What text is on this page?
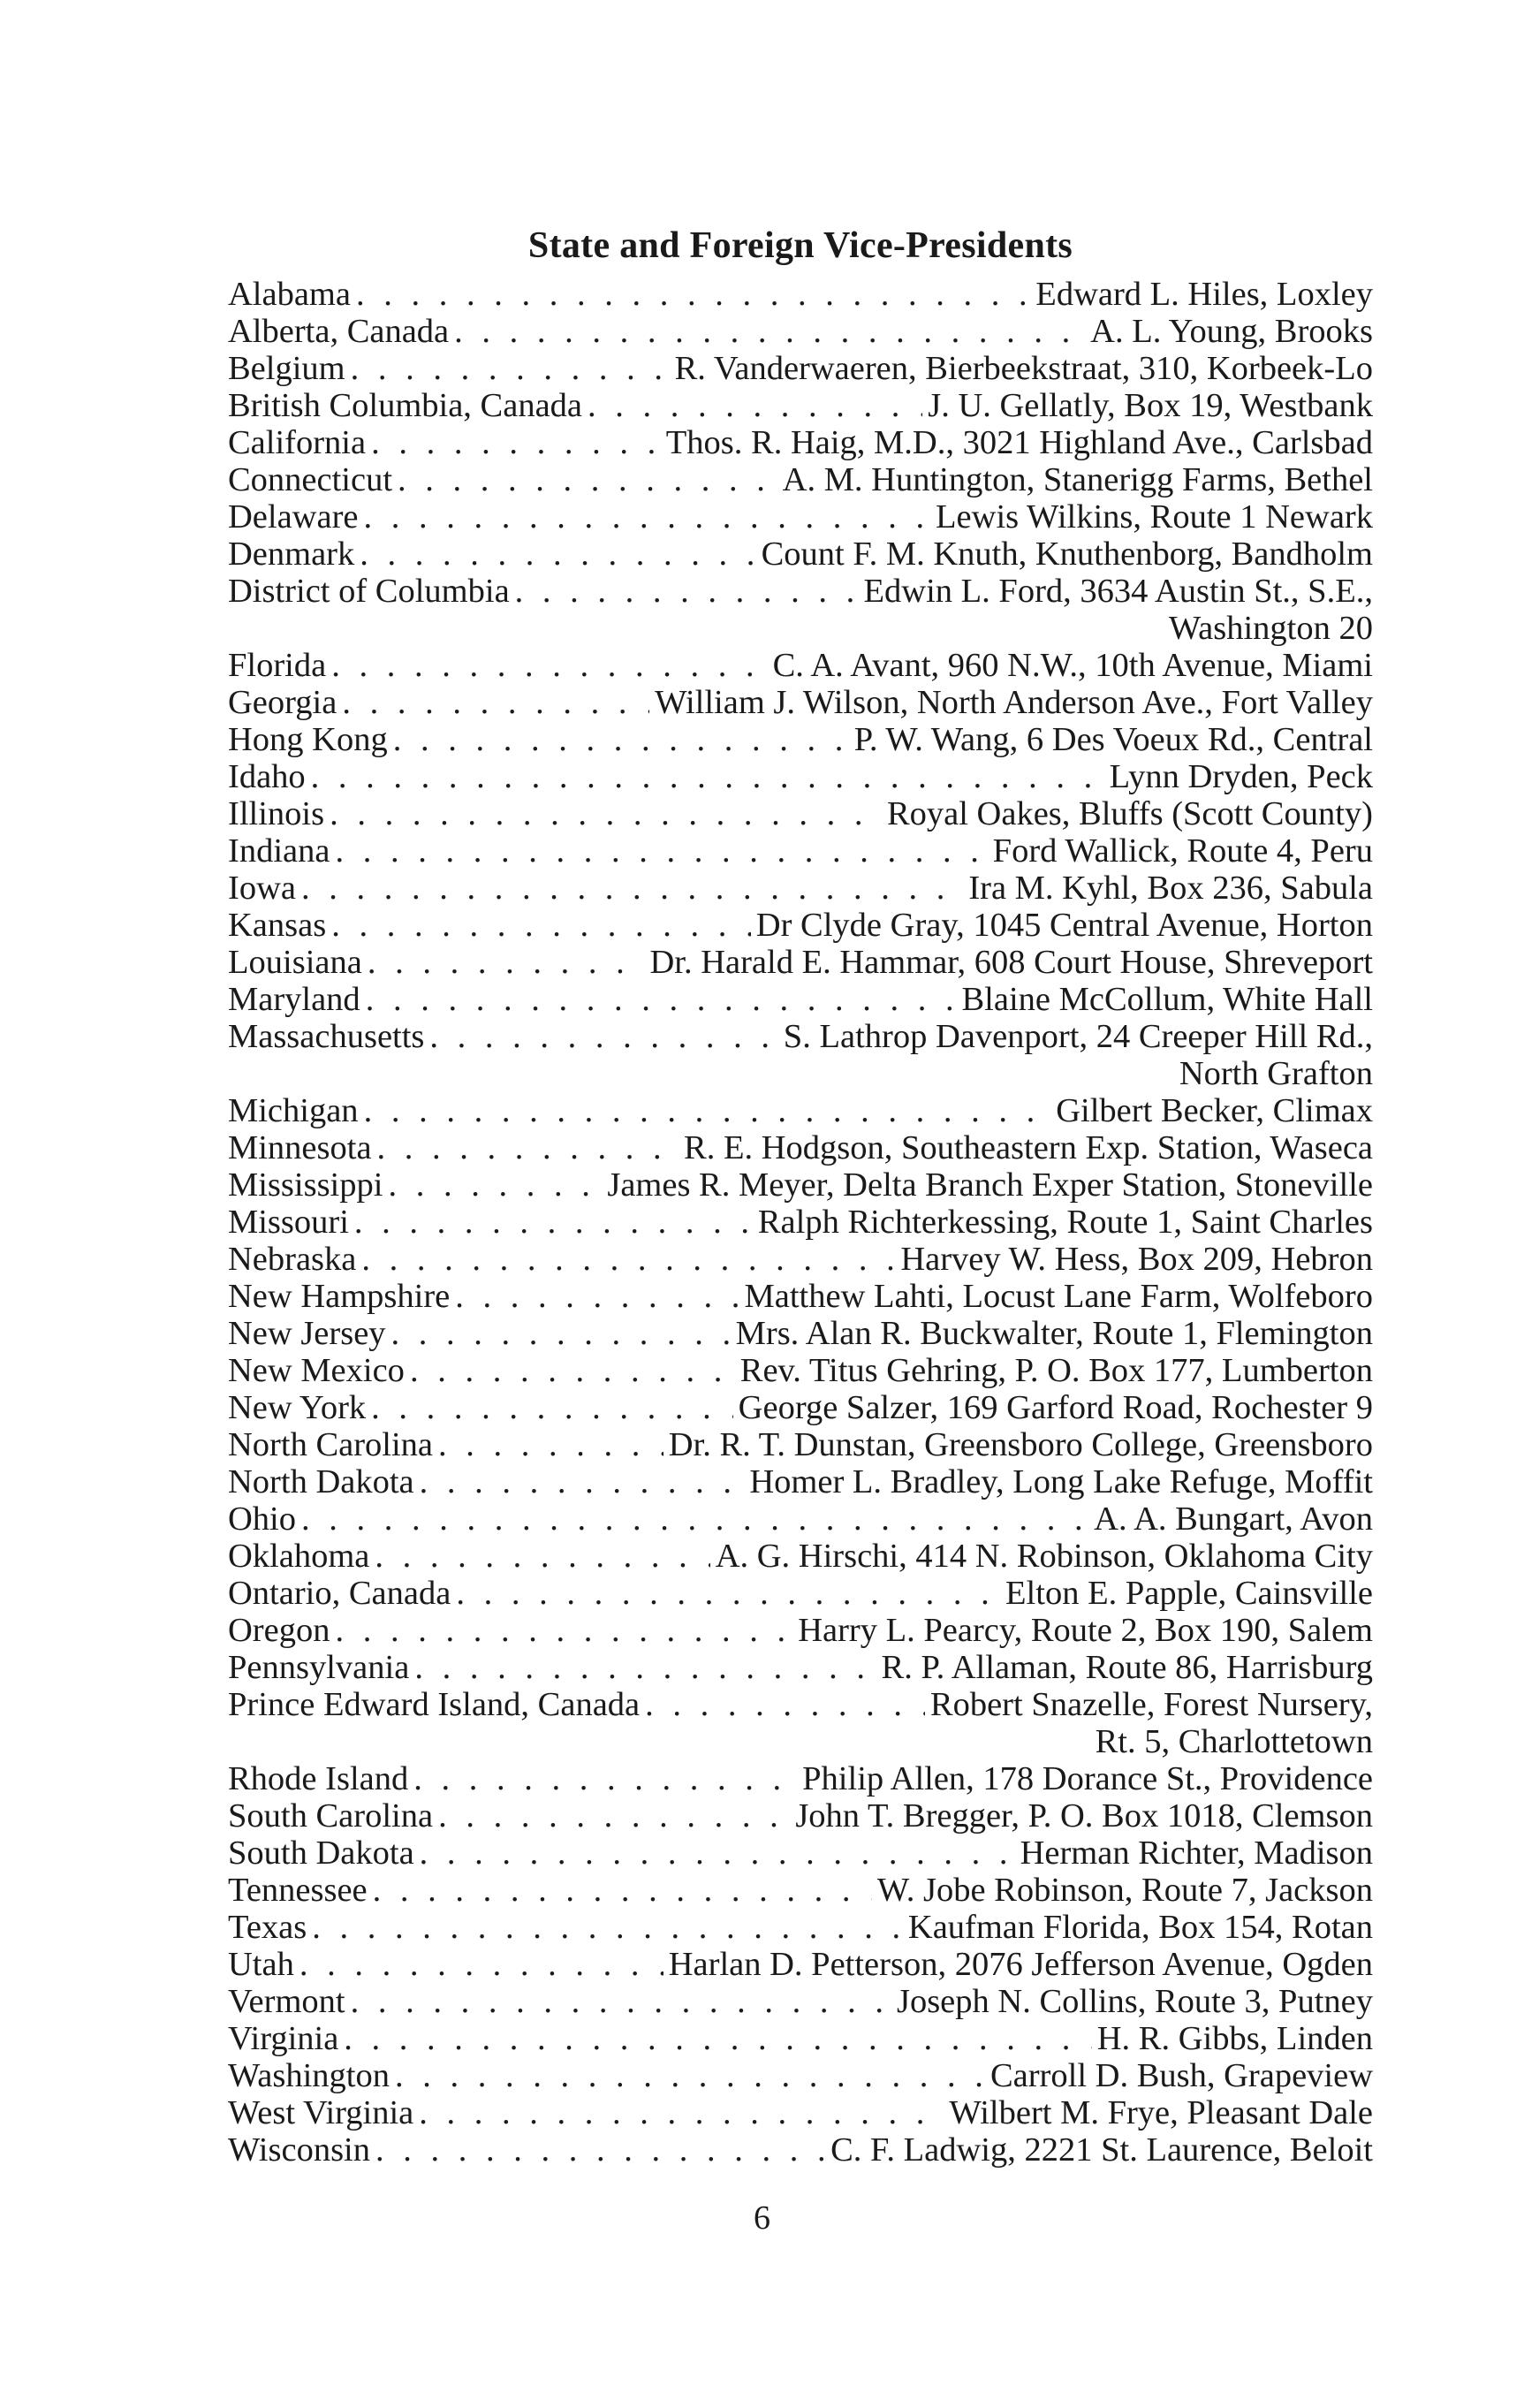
State and Foreign Vice-Presidents
Alabama . . .	Edward L. Hiles, Loxley
Alberta, Canada . . .	A. L. Young, Brooks
Belgium . . .	R. Vanderwaeren, Bierbeekstraat, 310, Korbeek-Lo
British Columbia, Canada . . .	J. U. Gellatly, Box 19, Westbank
California . . .	Thos. R. Haig, M.D., 3021 Highland Ave., Carlsbad
Connecticut . . .	A. M. Huntington, Stanerigg Farms, Bethel
Delaware . . .	Lewis Wilkins, Route 1 Newark
Denmark . . .	Count F. M. Knuth, Knuthenborg, Bandholm
District of Columbia . . .	Edwin L. Ford, 3634 Austin St., S.E.,
Washington 20
Florida . . .	C. A. Avant, 960 N.W., 10th Avenue, Miami
Georgia . . .	William J. Wilson, North Anderson Ave., Fort Valley
Hong Kong . . .	P. W. Wang, 6 Des Voeux Rd., Central
Idaho . . .	Lynn Dryden, Peck
Illinois . . .	Royal Oakes, Bluffs (Scott County)
Indiana . . .	Ford Wallick, Route 4, Peru
Iowa . . .	Ira M. Kyhl, Box 236, Sabula
Kansas . . .	Dr Clyde Gray, 1045 Central Avenue, Horton
Louisiana . . .	Dr. Harald E. Hammar, 608 Court House, Shreveport
Maryland . . .	Blaine McCollum, White Hall
Massachusetts . . .	S. Lathrop Davenport, 24 Creeper Hill Rd.,
North Grafton
Michigan . . .	Gilbert Becker, Climax
Minnesota . . .	R. E. Hodgson, Southeastern Exp. Station, Waseca
Mississippi . . .	James R. Meyer, Delta Branch Exper Station, Stoneville
Missouri . . .	Ralph Richterkessing, Route 1, Saint Charles
Nebraska . . .	Harvey W. Hess, Box 209, Hebron
New Hampshire . . .	Matthew Lahti, Locust Lane Farm, Wolfeboro
New Jersey . . .	Mrs. Alan R. Buckwalter, Route 1, Flemington
New Mexico . . .	Rev. Titus Gehring, P. O. Box 177, Lumberton
New York . . .	George Salzer, 169 Garford Road, Rochester 9
North Carolina . . .	Dr. R. T. Dunstan, Greensboro College, Greensboro
North Dakota . . .	Homer L. Bradley, Long Lake Refuge, Moffit
Ohio . . .	A. A. Bungart, Avon
Oklahoma . . .	A. G. Hirschi, 414 N. Robinson, Oklahoma City
Ontario, Canada . . .	Elton E. Papple, Cainsville
Oregon . . .	Harry L. Pearcy, Route 2, Box 190, Salem
Pennsylvania . . .	R. P. Allaman, Route 86, Harrisburg
Prince Edward Island, Canada . . .	Robert Snazelle, Forest Nursery,
Rt. 5, Charlottetown
Rhode Island . . .	Philip Allen, 178 Dorance St., Providence
South Carolina . . .	John T. Bregger, P. O. Box 1018, Clemson
South Dakota . . .	Herman Richter, Madison
Tennessee . . .	W. Jobe Robinson, Route 7, Jackson
Texas . . .	Kaufman Florida, Box 154, Rotan
Utah . . .	Harlan D. Petterson, 2076 Jefferson Avenue, Ogden
Vermont . . .	Joseph N. Collins, Route 3, Putney
Virginia . . .	H. R. Gibbs, Linden
Washington . . .	Carroll D. Bush, Grapeview
West Virginia . . .	Wilbert M. Frye, Pleasant Dale
Wisconsin . . .	C. F. Ladwig, 2221 St. Laurence, Beloit
6
